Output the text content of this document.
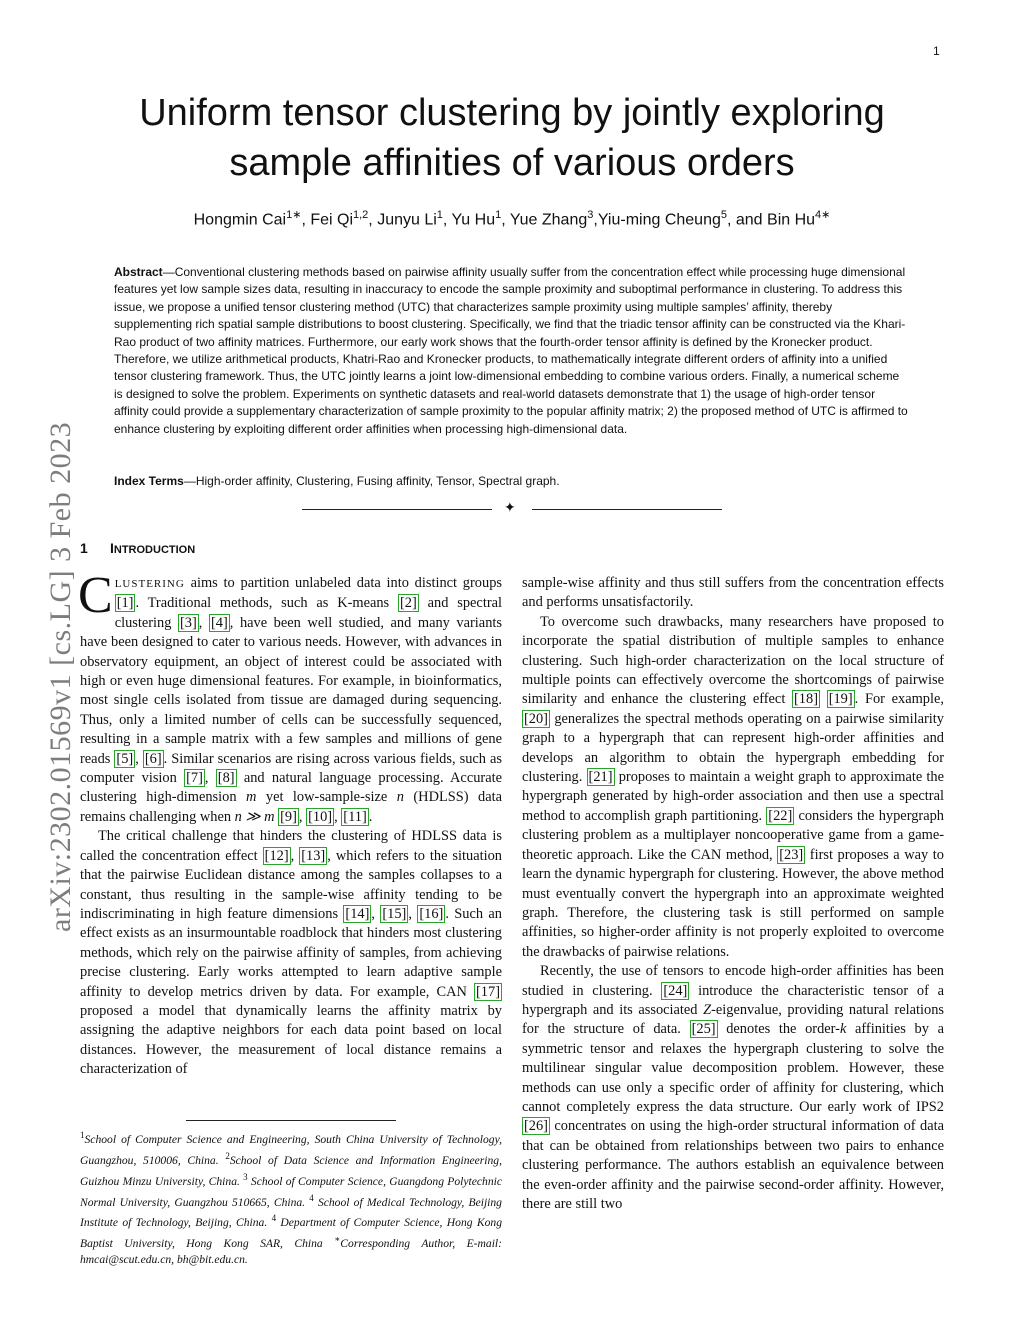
1
arXiv:2302.01569v1 [cs.LG] 3 Feb 2023
Uniform tensor clustering by jointly exploring
sample affinities of various orders
Hongmin Cai$^{1∗}$, Fei Qi$^{1,2}$, Junyu Li$^1$, Yu Hu$^1$, Yue Zhang$^3$,Yiu-ming Cheung$^5$, and Bin $Hu^{4∗}$

Abstract—Conventional clustering methods based on pairwise affinity usually suffer from the concentration effect while processing huge dimensional features yet low sample sizes data, resulting in inaccuracy to encode the sample proximity and suboptimal performance in clustering. To address this issue, we propose a unified tensor clustering method (UTC) that characterizes sample proximity using multiple samples’ affinity, thereby supplementing rich spatial sample distributions to boost clustering. Specifically, we find that the triadic tensor affinity can be constructed via the Khari-Rao product of two affinity matrices. Furthermore, our early work shows that the fourth-order tensor affinity is defined by the Kronecker product. Therefore, we utilize arithmetical products, Khatri-Rao and Kronecker products, to mathematically integrate different orders of affinity into a unified tensor clustering framework. Thus, the UTC jointly learns a joint low-dimensional embedding to combine various orders. Finally, a numerical scheme is designed to solve the problem. Experiments on synthetic datasets and real-world datasets demonstrate that 1) the usage of high-order tensor affinity could provide a supplementary characterization of sample proximity to the popular affinity matrix; 2) the proposed method of UTC is affirmed to enhance clustering by exploiting different order affinities when processing high-dimensional data.

Index Terms—High-order affinity, Clustering, Fusing affinity, Tensor, Spectral graph.

✦
1 INTRODUCTION

CLUSTERING aims to partition unlabeled data into distinct groups [1] . Traditional methods, such as K-means [2] and spectral clustering [3] , [4] , have been well studied, and many variants have been designed to cater to various needs. However, with advances in observatory equipment, an object of interest could be associated with high or even huge dimensional features. For example, in bioinformatics, most single cells isolated from tissue are damaged during sequencing. Thus, only a limited number of cells can be successfully sequenced, resulting in a sample matrix with a few samples and millions of gene reads [5] , [6] . Similar scenarios are rising across various fields, such as computer vision [7] , [8] and natural language processing. Accurate clustering high-dimension m yet low-sample-size n (HDLSS) data remains challenging when n ≫ m [9] , [10] , [11] .

The critical challenge that hinders the clustering of HDLSS data is called the concentration effect [12] , [13] , which refers to the situation that the pairwise Euclidean distance among the samples collapses to a constant, thus resulting in the sample-wise affinity tending to be indiscriminating in high feature dimensions [14] , [15] , [16] . Such an effect exists as an insurmountable roadblock that hinders most clustering methods, which rely on the pairwise affinity of samples, from achieving precise clustering. Early works attempted to learn adaptive sample affinity to develop metrics driven by data. For example, CAN [17] proposed a model that dynamically learns the affinity matrix by assigning the adaptive neighbors for each data point based on local distances. However, the measurement of local distance remains a characterization of

sample-wise affinity and thus still suffers from the concentration effects and performs unsatisfactorily.

To overcome such drawbacks, many researchers have proposed to incorporate the spatial distribution of multiple samples to enhance clustering. Such high-order characterization on the local structure of multiple points can effectively overcome the shortcomings of pairwise similarity and enhance the clustering effect [18] [19] . For example, [20] generalizes the spectral methods operating on a pairwise similarity graph to a hypergraph that can represent high-order affinities and develops an algorithm to obtain the hypergraph embedding for clustering. [21] proposes to maintain a weight graph to approximate the hypergraph generated by high-order association and then use a spectral method to accomplish graph partitioning. [22] considers the hypergraph clustering problem as a multiplayer noncooperative game from a game-theoretic approach. Like the CAN method, [23] first proposes a way to learn the dynamic hypergraph for clustering. However, the above method must eventually convert the hypergraph into an approximate weighted graph. Therefore, the clustering task is still performed on sample affinities, so higher-order affinity is not properly exploited to overcome the drawbacks of pairwise relations.

Recently, the use of tensors to encode high-order affinities has been studied in clustering. [24] introduce the characteristic tensor of a hypergraph and its associated Z-eigenvalue, providing natural relations for the structure of data. [25] denotes the order-k affinities by a symmetric tensor and relaxes the hypergraph clustering to solve the multilinear singular value decomposition problem. However, these methods can use only a specific order of affinity for clustering, which cannot completely express the data structure. Our early work of IPS2 [26] concentrates on using the high-order structural information of data that can be obtained from relationships between two pairs to enhance clustering performance. The authors establish an equivalence between the even-order affinity and the pairwise second-order affinity. However, there are still two

$^1$School of Computer Science and Engineering, South China University of Technology, Guangzhou, 510006, China. $^2$School of Data Science and Information Engineering, Guizhou Minzu University, China. $^3$ School of Computer Science, Guangdong Polytechnic Normal University, Guangzhou 510665, China. $^4$ School of Medical Technology, Beijing Institute of Technology, Beijing, China. $^4$ Department of Computer Science, Hong Kong Baptist University, Hong Kong SAR, China ∗Corresponding Author, E-mail: hmcai@scut.edu.cn, bh@bit.edu.cn.
